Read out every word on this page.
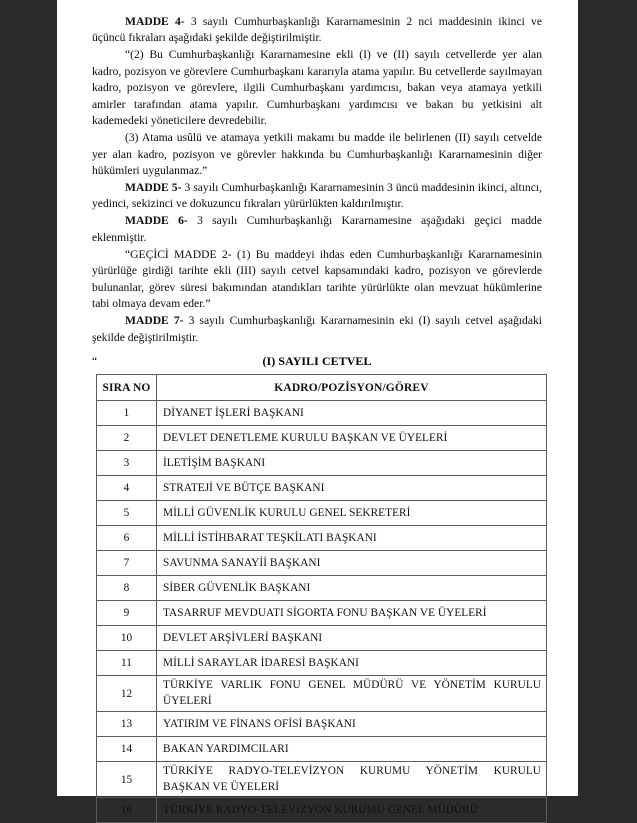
MADDE 4- 3 sayılı Cumhurbaşkanlığı Kararnamesinin 2 nci maddesinin ikinci ve üçüncü fıkraları aşağıdaki şekilde değiştirilmiştir.
“(2) Bu Cumhurbaşkanlığı Kararnamesine ekli (I) ve (II) sayılı cetvellerde yer alan kadro, pozisyon ve görevlere Cumhurbaşkanı kararıyla atama yapılır. Bu cetvellerde sayılmayan kadro, pozisyon ve görevlere, ilgili Cumhurbaşkanı yardımcısı, bakan veya atamaya yetkili amirler tarafından atama yapılır. Cumhurbaşkanı yardımcısı ve bakan bu yetkisini alt kademedeki yöneticilere devredebilir.
(3) Atama usûlü ve atamaya yetkili makamı bu madde ile belirlenen (II) sayılı cetvelde yer alan kadro, pozisyon ve görevler hakkında bu Cumhurbaşkanlığı Kararnamesinin diğer hükümleri uygulanmaz.”
MADDE 5- 3 sayılı Cumhurbaşkanlığı Kararnamesinin 3 üncü maddesinin ikinci, altıncı, yedinci, sekizinci ve dokuzuncu fıkraları yürürlükten kaldırılmıştır.
MADDE 6- 3 sayılı Cumhurbaşkanlığı Kararnamesine aşağıdaki geçici madde eklenmiştir.
“GEÇİCİ MADDE 2- (1) Bu maddeyi ihdas eden Cumhurbaşkanlığı Kararnamesinin yürürlüğe girdiği tarihte ekli (III) sayılı cetvel kapsamındaki kadro, pozisyon ve görevlerde bulunanlar, görev süresi bakımından atandıkları tarihte yürürlükte olan mevzuat hükümlerine tabi olmaya devam eder.”
MADDE 7- 3 sayılı Cumhurbaşkanlığı Kararnamesinin eki (I) sayılı cetvel aşağıdaki şekilde değiştirilmiştir.
“	(I) SAYILI CETVEL
SIRA NO	KADRO/POZİSYON/GÖREV
1	DİYANET İŞLERİ BAŞKANI
2	DEVLET DENETLEME KURULU BAŞKAN VE ÜYELERİ
3	İLETİŞİM BAŞKANI
4	STRATEJİ VE BÜTÇE BAŞKANI
5	MİLLİ GÜVENLİK KURULU GENEL SEKRETERİ
6	MİLLİ İSTİHBARAT TEŞKİLATI BAŞKANI
7	SAVUNMA SANAYİİ BAŞKANI
8	SİBER GÜVENLİK BAŞKANI
9	TASARRUF MEVDUATI SİGORTA FONU BAŞKAN VE ÜYELERİ
10	DEVLET ARŞİVLERİ BAŞKANI
11	MİLLİ SARAYLAR İDARESİ BAŞKANI
12	TÜRKİYE VARLIK FONU GENEL MÜDÜRÜ VE YÖNETİM KURULU
ÜYELERİ

13	YATIRIM VE FİNANS OFİSİ BAŞKANI
14	BAKAN YARDIMCILARI
15	TÜRKİYE RADYO-TELEVİZYON KURUMU YÖNETİM KURULU
BAŞKAN VE ÜYELERİ

16	TÜRKİYE RADYO-TELEVİZYON KURUMU GENEL MÜDÜRÜ
